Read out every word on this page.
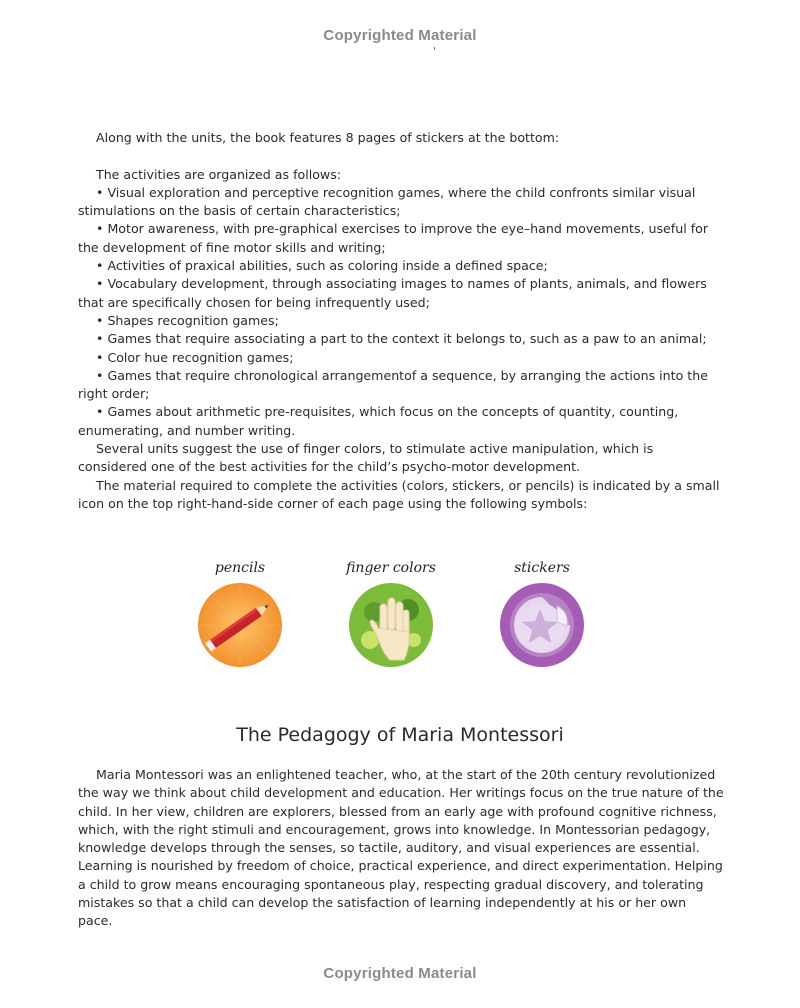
Copyrighted Material

Along with the units, the book features 8 pages of stickers at the bottom:

The activities are organized as follows:

• Visual exploration and perceptive recognition games, where the child confronts similar visual stimulations on the basis of certain characteristics;

• Motor awareness, with pre-graphical exercises to improve the eye–hand movements, useful for the development of fine motor skills and writing;

• Activities of praxical abilities, such as coloring inside a defined space;

• Vocabulary development, through associating images to names of plants, animals, and flowers that are specifically chosen for being infrequently used;

• Shapes recognition games;

• Games that require associating a part to the context it belongs to, such as a paw to an animal;

• Color hue recognition games;

• Games that require chronological arrangementof a sequence, by arranging the actions into the right order;

• Games about arithmetic pre-requisites, which focus on the concepts of quantity, counting, enumerating, and number writing.

Several units suggest the use of finger colors, to stimulate active manipulation, which is considered one of the best activities for the child’s psycho-motor development.

The material required to complete the activities (colors, stickers, or pencils) is indicated by a small icon on the top right-hand-side corner of each page using the following symbols:

pencils	finger colors	stickers
The Pedagogy of Maria Montessori

Maria Montessori was an enlightened teacher, who, at the start of the 20th century revolutionized the way we think about child development and education. Her writings focus on the true nature of the child. In her view, children are explorers, blessed from an early age with profound cognitive richness, which, with the right stimuli and encouragement, grows into knowledge. In Montessorian pedagogy, knowledge develops through the senses, so tactile, auditory, and visual experiences are essential. Learning is nourished by freedom of choice, practical experience, and direct experimentation. Helping a child to grow means encouraging spontaneous play, respecting gradual discovery, and tolerating mistakes so that a child can develop the satisfaction of learning independently at his or her own pace.

Copyrighted Material
